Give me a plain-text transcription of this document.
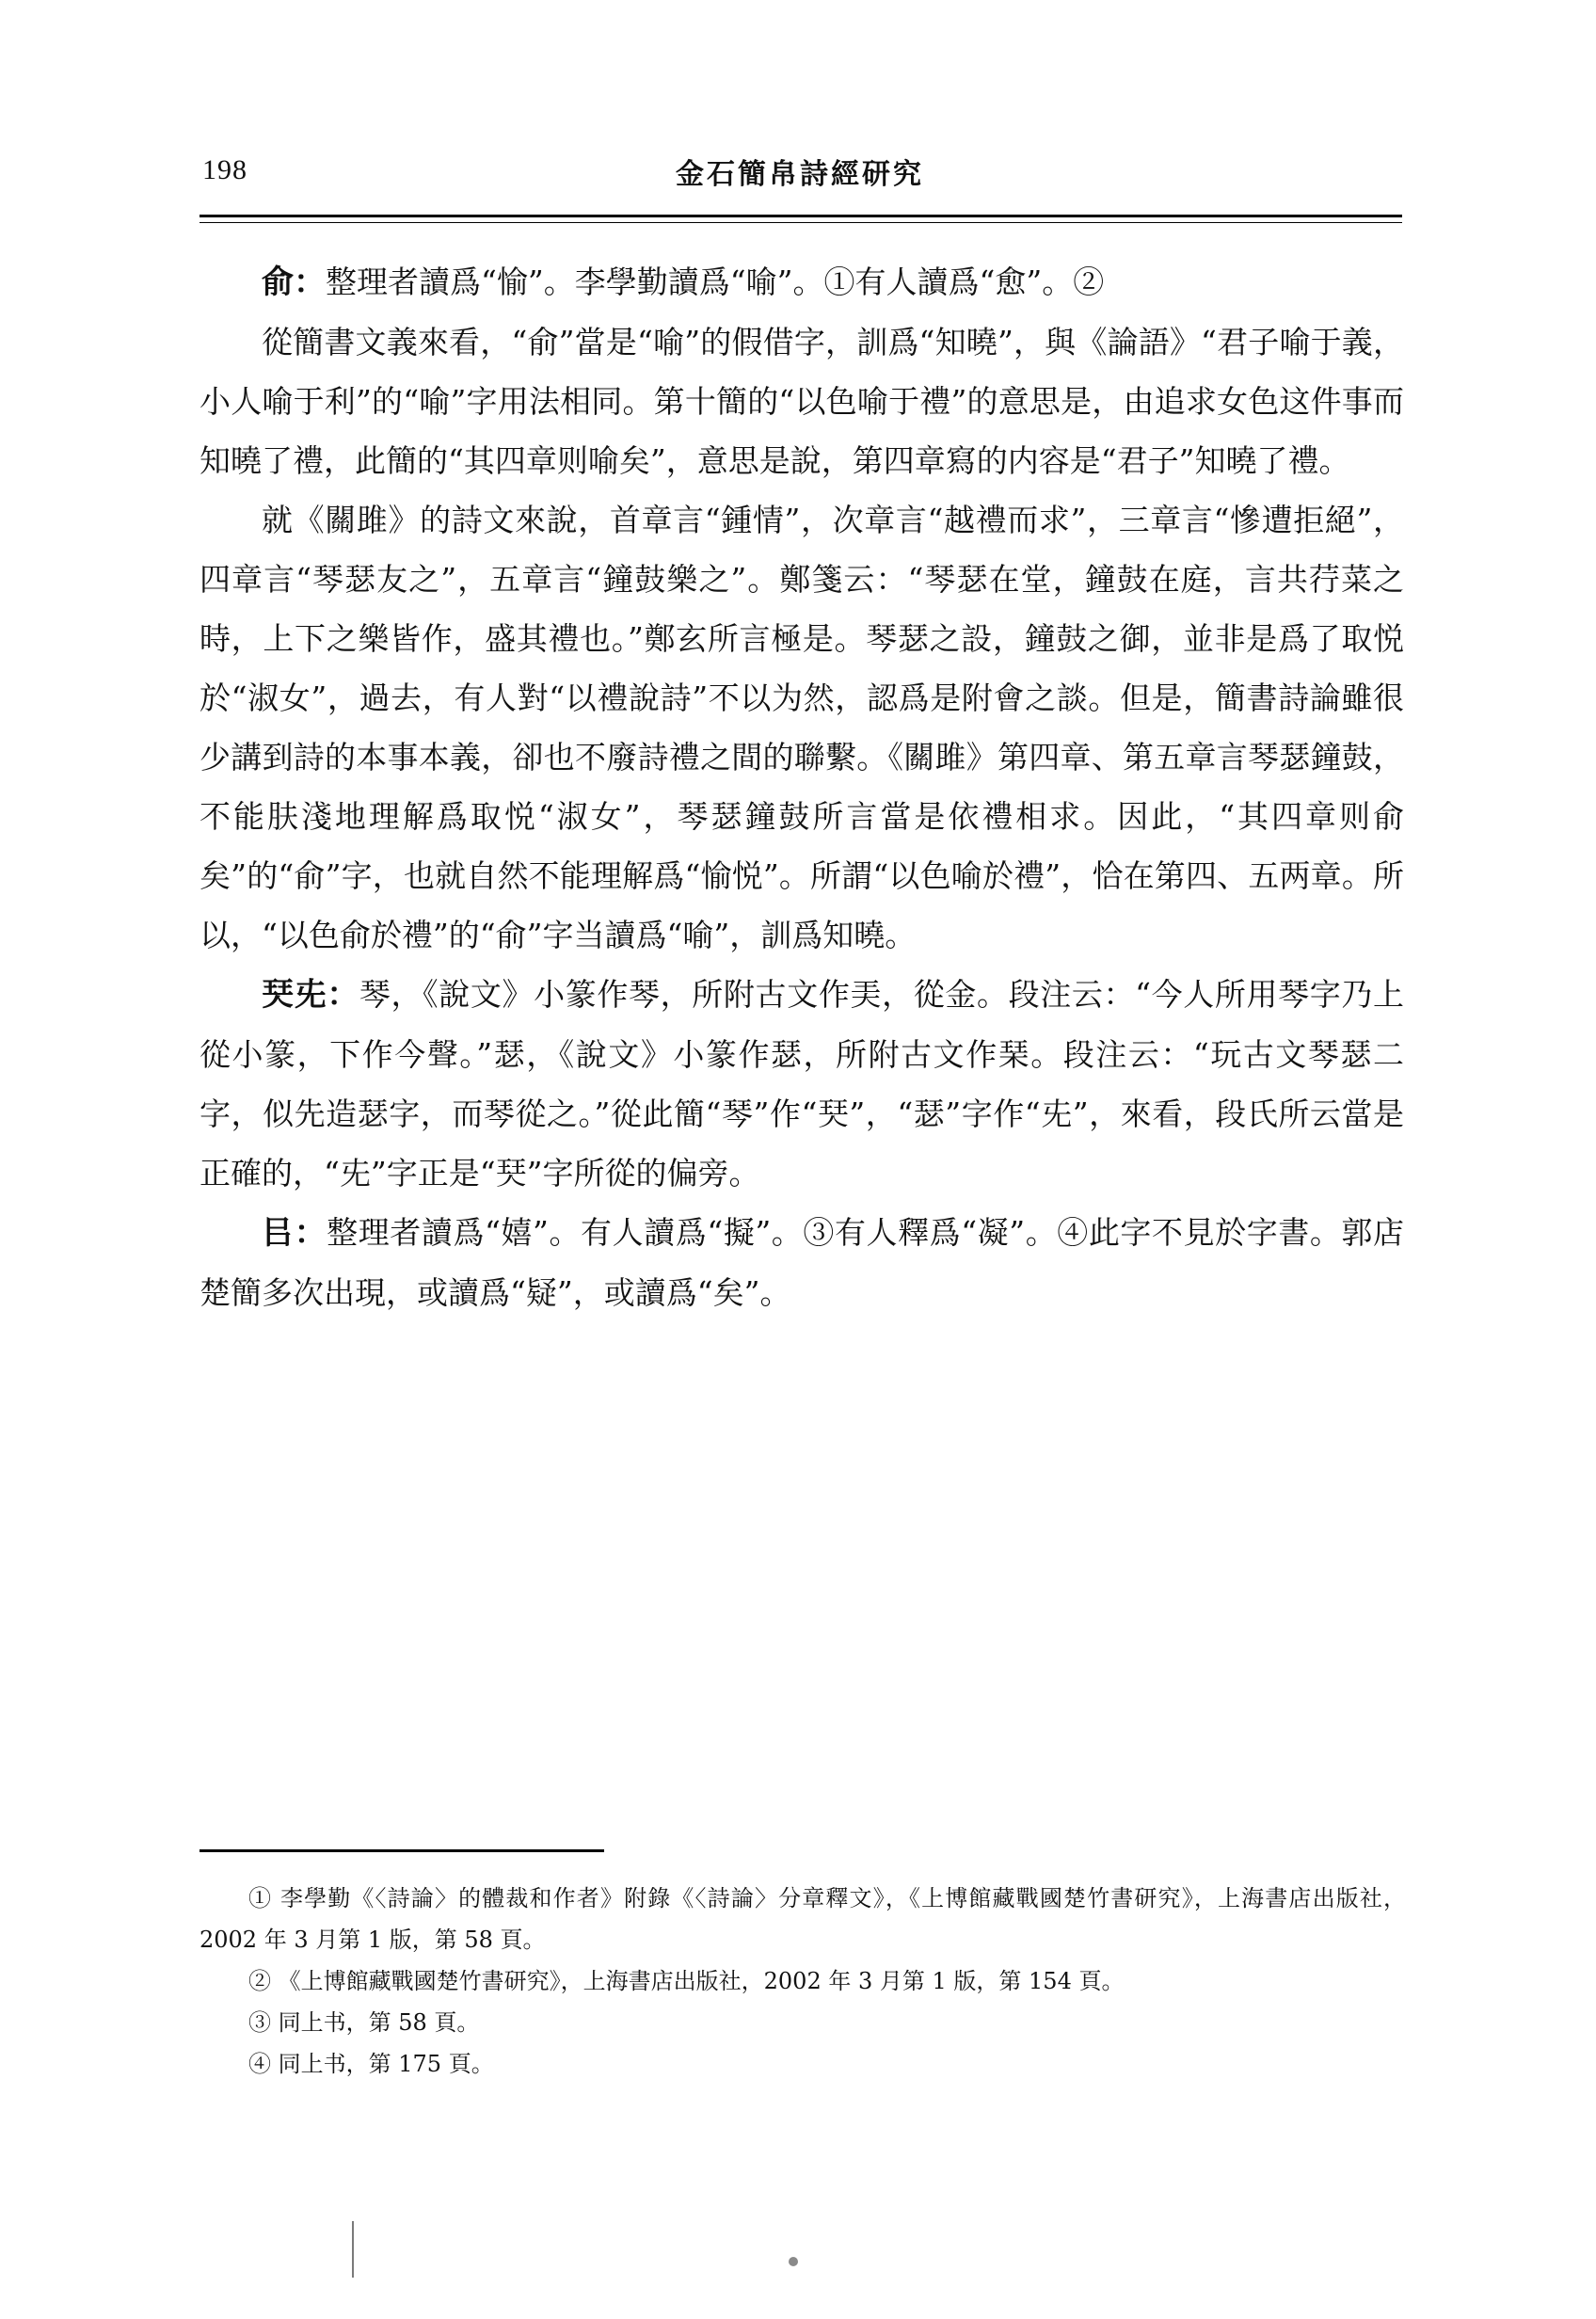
198	金石簡帛詩經研究

俞：整理者讀爲“愉”。李學勤讀爲“喻”。①有人讀爲“愈”。②

從簡書文義來看，“俞”當是“喻”的假借字，訓爲“知曉”，與《論語》“君子喻于義，小人喻于利”的“喻”字用法相同。第十簡的“以色喻于禮”的意思是，由追求女色这件事而知曉了禮，此簡的“其四章则喻矣”，意思是說，第四章寫的内容是“君子”知曉了禮。

就《關雎》的詩文來說，首章言“鍾情”，次章言“越禮而求”，三章言“慘遭拒絕”，四章言“琴瑟友之”，五章言“鐘鼓樂之”。鄭箋云：“琴瑟在堂，鐘鼓在庭，言共荇菜之時，上下之樂皆作，盛其禮也。”鄭玄所言極是。琴瑟之設，鐘鼓之御，並非是爲了取悦於“淑女”，過去，有人對“以禮說詩”不以为然，認爲是附會之談。但是，簡書詩論雖很少講到詩的本事本義，卻也不廢詩禮之間的聯繫。《關雎》第四章、第五章言琴瑟鐘鼓，不能肤淺地理解爲取悦“淑女”，琴瑟鐘鼓所言當是依禮相求。因此，“其四章则俞矣”的“俞”字，也就自然不能理解爲“愉悦”。所謂“以色喻於禮”，恰在第四、五两章。所以，“以色俞於禮”的“俞”字当讀爲“喻”，訓爲知曉。

珡兂：琴，《說文》小篆作琴，所附古文作㺯，從金。段注云：“今人所用琴字乃上從小篆，下作今聲。”瑟，《說文》小篆作瑟，所附古文作琹。段注云：“玩古文琴瑟二字，似先造瑟字，而琴從之。”從此簡“琴”作“珡”，“瑟”字作“兂”，來看，段氏所云當是正確的，“兂”字正是“珡”字所從的偏旁。

㠯：整理者讀爲“嬉”。有人讀爲“擬”。③有人釋爲“凝”。④此字不見於字書。郭店楚簡多次出現，或讀爲“疑”，或讀爲“矣”。

① 李學勤《〈詩論〉的體裁和作者》附錄《〈詩論〉分章釋文》，《上博館藏戰國楚竹書研究》，上海書店出版社，2002 年 3 月第 1 版，第 58 頁。

② 《上博館藏戰國楚竹書研究》，上海書店出版社，2002 年 3 月第 1 版，第 154 頁。

③ 同上书，第 58 頁。

④ 同上书，第 175 頁。
